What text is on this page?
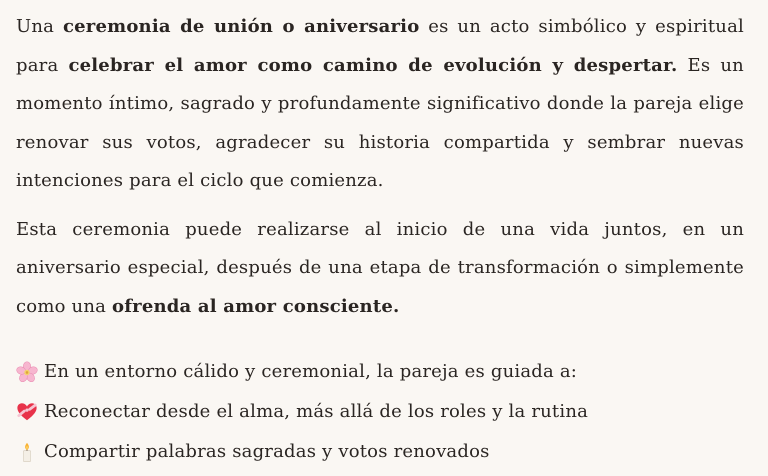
Una ceremonia de unión o aniversario es un acto simbólico y espiritual para celebrar el amor como camino de evolución y despertar. Es un momento íntimo, sagrado y profundamente significativo donde la pareja elige renovar sus votos, agradecer su historia compartida y sembrar nuevas intenciones para el ciclo que comienza.

Esta ceremonia puede realizarse al inicio de una vida juntos, en un aniversario especial, después de una etapa de transformación o simplemente como una ofrenda al amor consciente.

En un entorno cálido y ceremonial, la pareja es guiada a:
Reconectar desde el alma, más allá de los roles y la rutina
Compartir palabras sagradas y votos renovados
